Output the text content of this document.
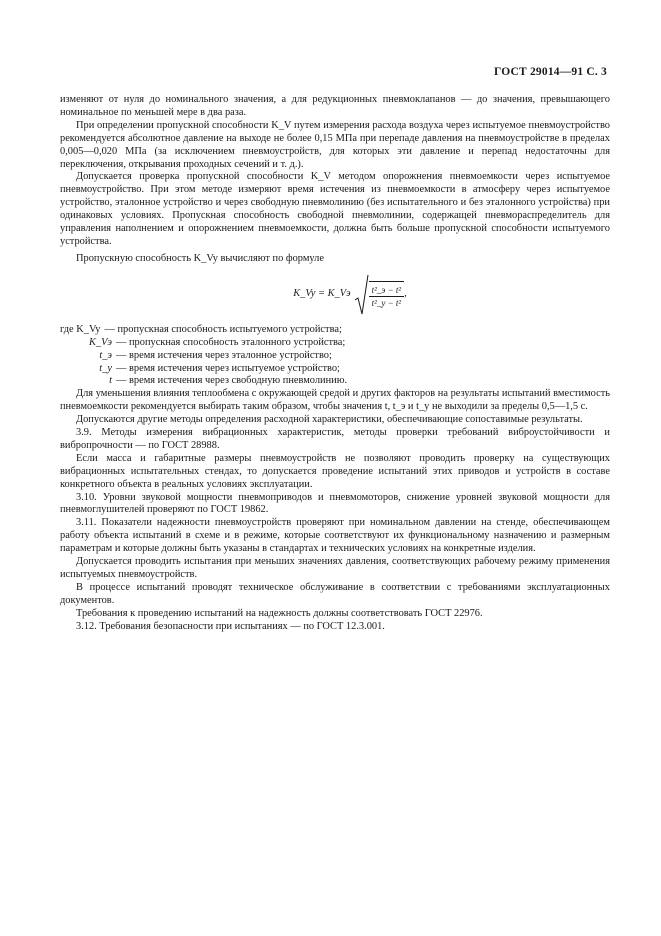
ГОСТ 29014—91 С. 3

изменяют от нуля до номинального значения, а для редукционных пневмоклапанов — до значения, превышающего номинальное по меньшей мере в два раза.

При определении пропускной способности K_V путем измерения расхода воздуха через испытуемое пневмоустройство рекомендуется абсолютное давление на выходе не более 0,15 МПа при перепаде давления на пневмоустройстве в пределах 0,005—0,020 МПа (за исключением пневмоустройств, для которых эти давление и перепад недостаточны для переключения, открывания проходных сечений и т. д.).

Допускается проверка пропускной способности K_V методом опорожнения пневмоемкости через испытуемое пневмоустройство. При этом методе измеряют время истечения из пневмоемкости в атмосферу через испытуемое устройство, эталонное устройство и через свободную пневмолинию (без испытательного и без эталонного устройства) при одинаковых условиях. Пропускная способность свободной пневмолинии, содержащей пневмораспределитель для управления наполнением и опорожнением пневмоемкости, должна быть больше пропускной способности испытуемого устройства.

Пропускную способность K_Vy вычисляют по формуле

K_Vy = K_Vэ $\frac{\text{t²\_э − t²}}{\text{t²\_у − t²}}$ ,
где K_Vy — пропускная способность испытуемого устройства;
K_Vэ — пропускная способность эталонного устройства;
t_э — время истечения через эталонное устройство;
t_у — время истечения через испытуемое устройство;
t — время истечения через свободную пневмолинию.

Для уменьшения влияния теплообмена с окружающей средой и других факторов на результаты испытаний вместимость пневмоемкости рекомендуется выбирать таким образом, чтобы значения t, t_э и t_у не выходили за пределы 0,5—1,5 с.

Допускаются другие методы определения расходной характеристики, обеспечивающие сопоставимые результаты.

3.9. Методы измерения вибрационных характеристик, методы проверки требований виброустойчивости и вибропрочности — по ГОСТ 28988.

Если масса и габаритные размеры пневмоустройств не позволяют проводить проверку на существующих вибрационных испытательных стендах, то допускается проведение испытаний этих приводов и устройств в составе конкретного объекта в реальных условиях эксплуатации.

3.10. Уровни звуковой мощности пневмоприводов и пневмомоторов, снижение уровней звуковой мощности для пневмоглушителей проверяют по ГОСТ 19862.

3.11. Показатели надежности пневмоустройств проверяют при номинальном давлении на стенде, обеспечивающем работу объекта испытаний в схеме и в режиме, которые соответствуют их функциональному назначению и размерным параметрам и которые должны быть указаны в стандартах и технических условиях на конкретные изделия.

Допускается проводить испытания при меньших значениях давления, соответствующих рабочему режиму применения испытуемых пневмоустройств.

В процессе испытаний проводят техническое обслуживание в соответствии с требованиями эксплуатационных документов.

Требования к проведению испытаний на надежность должны соответствовать ГОСТ 22976.

3.12. Требования безопасности при испытаниях — по ГОСТ 12.3.001.
